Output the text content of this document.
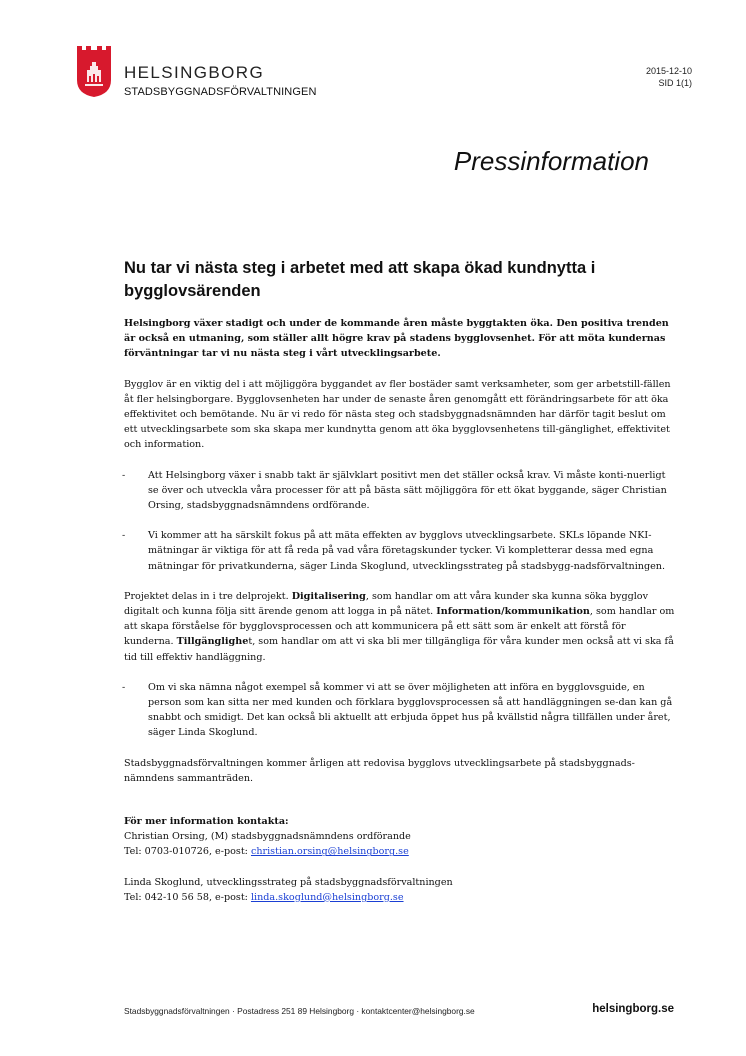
HELSINGBORG
STADSBYGGNADSFÖRVALTNINGEN
2015-12-10
SID 1(1)
Pressinformation
Nu tar vi nästa steg i arbetet med att skapa ökad kundnytta i bygglovsärenden

Helsingborg växer stadigt och under de kommande åren måste byggtakten öka. Den positiva trenden är också en utmaning, som ställer allt högre krav på stadens bygglovsenhet. För att möta kundernas förväntningar tar vi nu nästa steg i vårt utvecklingsarbete.

Bygglov är en viktig del i att möjliggöra byggandet av fler bostäder samt verksamheter, som ger arbetstill-fällen åt fler helsingborgare. Bygglovsenheten har under de senaste åren genomgått ett förändringsarbete för att öka effektivitet och bemötande. Nu är vi redo för nästa steg och stadsbyggnadsnämnden har därför tagit beslut om ett utvecklingsarbete som ska skapa mer kundnytta genom att öka bygglovsenhetens till-gänglighet, effektivitet och information.

-	Att Helsingborg växer i snabb takt är självklart positivt men det ställer också krav. Vi måste konti-nuerligt se över och utveckla våra processer för att på bästa sätt möjliggöra för ett ökat byggande, säger Christian Orsing, stadsbyggnadsnämndens ordförande.
-	Vi kommer att ha särskilt fokus på att mäta effekten av bygglovs utvecklingsarbete. SKLs löpande NKI-mätningar är viktiga för att få reda på vad våra företagskunder tycker. Vi kompletterar dessa med egna mätningar för privatkunderna, säger Linda Skoglund, utvecklingsstrateg på stadsbygg-nadsförvaltningen.

Projektet delas in i tre delprojekt. Digitalisering, som handlar om att våra kunder ska kunna söka bygglov digitalt och kunna följa sitt ärende genom att logga in på nätet. Information/kommunikation, som handlar om att skapa förståelse för bygglovsprocessen och att kommunicera på ett sätt som är enkelt att förstå för kunderna. Tillgänglighet, som handlar om att vi ska bli mer tillgängliga för våra kunder men också att vi ska få tid till effektiv handläggning.

-	Om vi ska nämna något exempel så kommer vi att se över möjligheten att införa en bygglovsguide, en person som kan sitta ner med kunden och förklara bygglovsprocessen så att handläggningen se-dan kan gå snabbt och smidigt. Det kan också bli aktuellt att erbjuda öppet hus på kvällstid några tillfällen under året, säger Linda Skoglund.

Stadsbyggnadsförvaltningen kommer årligen att redovisa bygglovs utvecklingsarbete på stadsbyggnads-nämndens sammanträden.

För mer information kontakta:
Christian Orsing, (M) stadsbyggnadsnämndens ordförande
Tel: 0703-010726, e-post: christian.orsing@helsingborg.se
Linda Skoglund, utvecklingsstrateg på stadsbyggnadsförvaltningen
Tel: 042-10 56 58, e-post: linda.skoglund@helsingborg.se
Stadsbyggnadsförvaltningen · Postadress 251 89 Helsingborg · kontaktcenter@helsingborg.se	helsingborg.se
